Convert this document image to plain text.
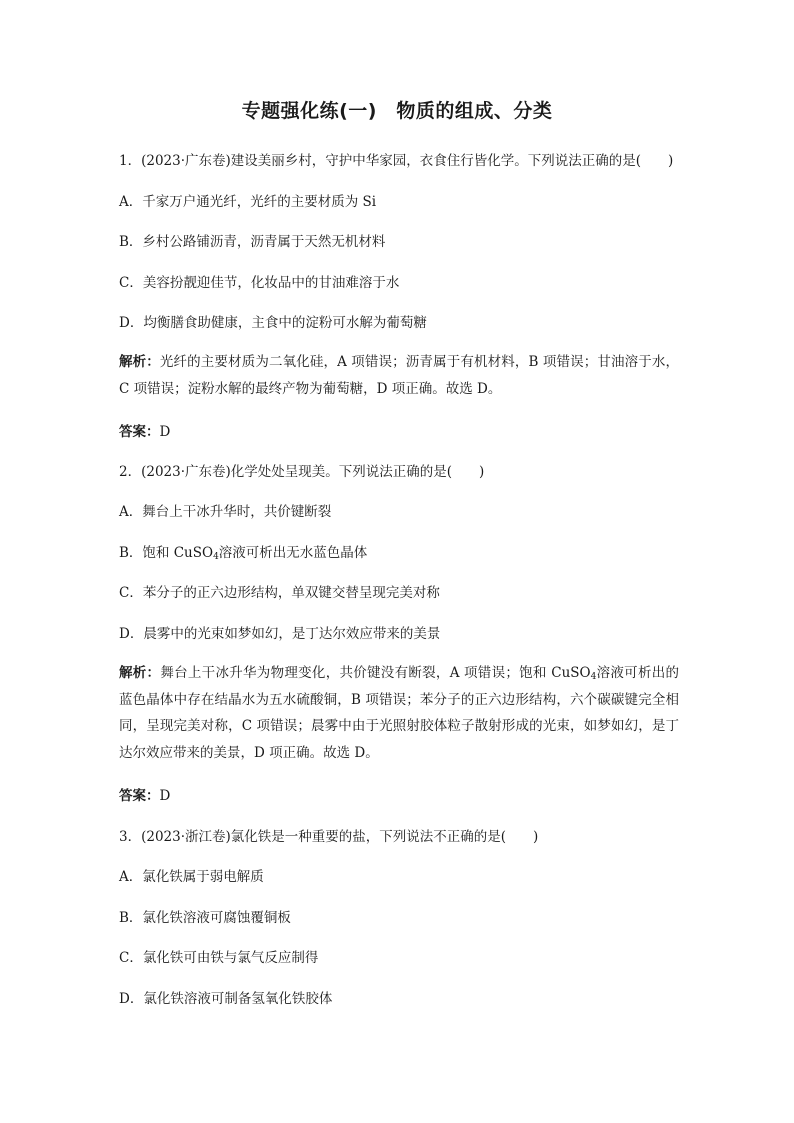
专题强化练(一)　物质的组成、分类
1．(2023·广东卷)建设美丽乡村，守护中华家园，衣食住行皆化学。下列说法正确的是(　　)
A．千家万户通光纤，光纤的主要材质为 Si
B．乡村公路铺沥青，沥青属于天然无机材料
C．美容扮靓迎佳节，化妆品中的甘油难溶于水
D．均衡膳食助健康，主食中的淀粉可水解为葡萄糖
解析：光纤的主要材质为二氧化硅，A 项错误；沥青属于有机材料，B 项错误；甘油溶于水，C 项错误；淀粉水解的最终产物为葡萄糖，D 项正确。故选 D。
答案：D
2．(2023·广东卷)化学处处呈现美。下列说法正确的是(　　)
A．舞台上干冰升华时，共价键断裂
B．饱和 CuSO$_4$溶液可析出无水蓝色晶体
C．苯分子的正六边形结构，单双键交替呈现完美对称
D．晨雾中的光束如梦如幻，是丁达尔效应带来的美景
解析：舞台上干冰升华为物理变化，共价键没有断裂，A 项错误；饱和 CuSO$_4$溶液可析出的蓝色晶体中存在结晶水为五水硫酸铜，B 项错误；苯分子的正六边形结构，六个碳碳键完全相同，呈现完美对称，C 项错误；晨雾中由于光照射胶体粒子散射形成的光束，如梦如幻，是丁达尔效应带来的美景，D 项正确。故选 D。
答案：D
3．(2023·浙江卷)氯化铁是一种重要的盐，下列说法不正确的是(　　)
A．氯化铁属于弱电解质
B．氯化铁溶液可腐蚀覆铜板
C．氯化铁可由铁与氯气反应制得
D．氯化铁溶液可制备氢氧化铁胶体
